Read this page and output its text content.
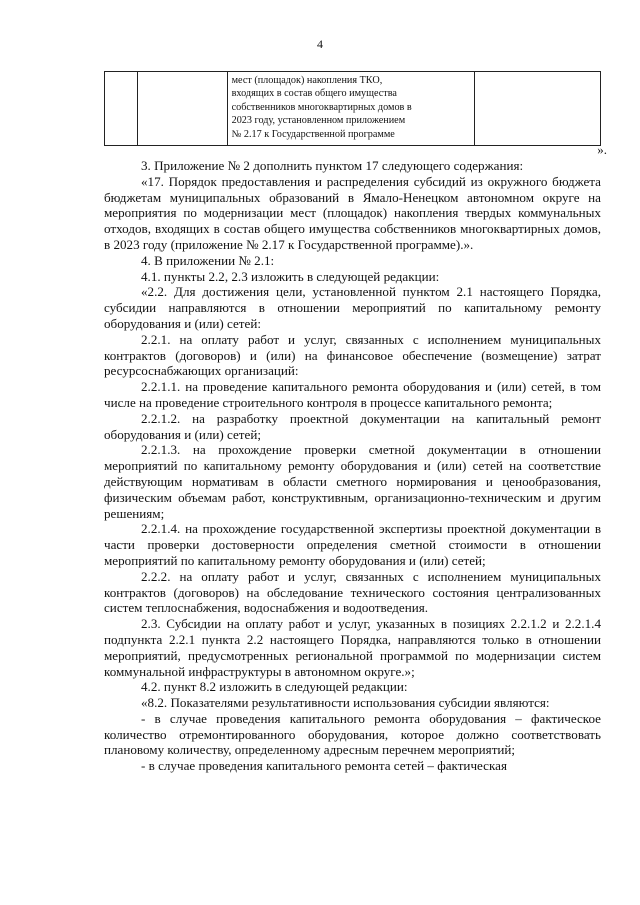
4

мест (площадок) накопления ТКО,
входящих в состав общего имущества
собственников многоквартирных домов в
2023 году, установленном приложением
№ 2.17 к Государственной программе

».

3. Приложение № 2 дополнить пунктом 17 следующего содержания:

«17. Порядок предоставления и распределения субсидий из окружного бюджета бюджетам муниципальных образований в Ямало-Ненецком автономном округе на мероприятия по модернизации мест (площадок) накопления твердых коммунальных отходов, входящих в состав общего имущества собственников многоквартирных домов, в 2023 году (приложение № 2.17 к Государственной программе).».

4. В приложении № 2.1:

4.1. пункты 2.2, 2.3 изложить в следующей редакции:

«2.2. Для достижения цели, установленной пунктом 2.1 настоящего Порядка, субсидии направляются в отношении мероприятий по капитальному ремонту оборудования и (или) сетей:

2.2.1. на оплату работ и услуг, связанных с исполнением муниципальных контрактов (договоров) и (или) на финансовое обеспечение (возмещение) затрат ресурсоснабжающих организаций:

2.2.1.1. на проведение капитального ремонта оборудования и (или) сетей, в том числе на проведение строительного контроля в процессе капитального ремонта;

2.2.1.2. на разработку проектной документации на капитальный ремонт оборудования и (или) сетей;

2.2.1.3. на прохождение проверки сметной документации в отношении мероприятий по капитальному ремонту оборудования и (или) сетей на соответствие действующим нормативам в области сметного нормирования и ценообразования, физическим объемам работ, конструктивным, организационно-техническим и другим решениям;

2.2.1.4. на прохождение государственной экспертизы проектной документации в части проверки достоверности определения сметной стоимости в отношении мероприятий по капитальному ремонту оборудования и (или) сетей;

2.2.2. на оплату работ и услуг, связанных с исполнением муниципальных контрактов (договоров) на обследование технического состояния централизованных систем теплоснабжения, водоснабжения и водоотведения.

2.3. Субсидии на оплату работ и услуг, указанных в позициях 2.2.1.2 и 2.2.1.4 подпункта 2.2.1 пункта 2.2 настоящего Порядка, направляются только в отношении мероприятий, предусмотренных региональной программой по модернизации систем коммунальной инфраструктуры в автономном округе.»;

4.2. пункт 8.2 изложить в следующей редакции:

«8.2. Показателями результативности использования субсидии являются:

- в случае проведения капитального ремонта оборудования – фактическое количество отремонтированного оборудования, которое должно соответствовать плановому количеству, определенному адресным перечнем мероприятий;

- в случае проведения капитального ремонта сетей – фактическая
